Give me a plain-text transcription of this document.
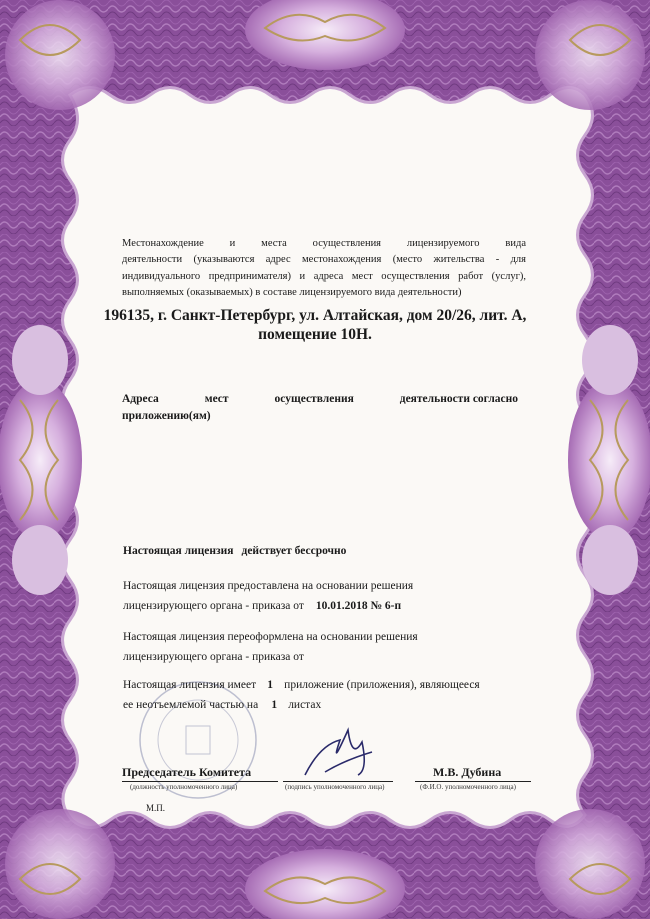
Местонахождение и места осуществления лицензируемого вида
деятельности (указываются адрес местонахождения (место жительства - для
индивидуального предпринимателя) и адреса мест осуществления работ (услуг),
выполняемых (оказываемых) в составе лицензируемого вида деятельности)
196135, г. Санкт-Петербург, ул. Алтайская, дом 20/26, лит. А,
помещение 10Н.
Адреса	мест	осуществления	деятельности согласно
приложению(ям)
Настоящая лицензия действует бессрочно
Настоящая лицензия предоставлена на основании решения
лицензирующего органа - приказа от 10.01.2018 № 6-п
Настоящая лицензия переоформлена на основании решения
лицензирующего органа - приказа от
Настоящая лицензия имеет 1 приложение (приложения), являющееся
ее неотъемлемой частью на 1 листах
Председатель Комитета	М.В. Дубина
(должность уполномоченного лица)	(подпись уполномоченного лица)	(Ф.И.О. уполномоченного лица)
М.П.
